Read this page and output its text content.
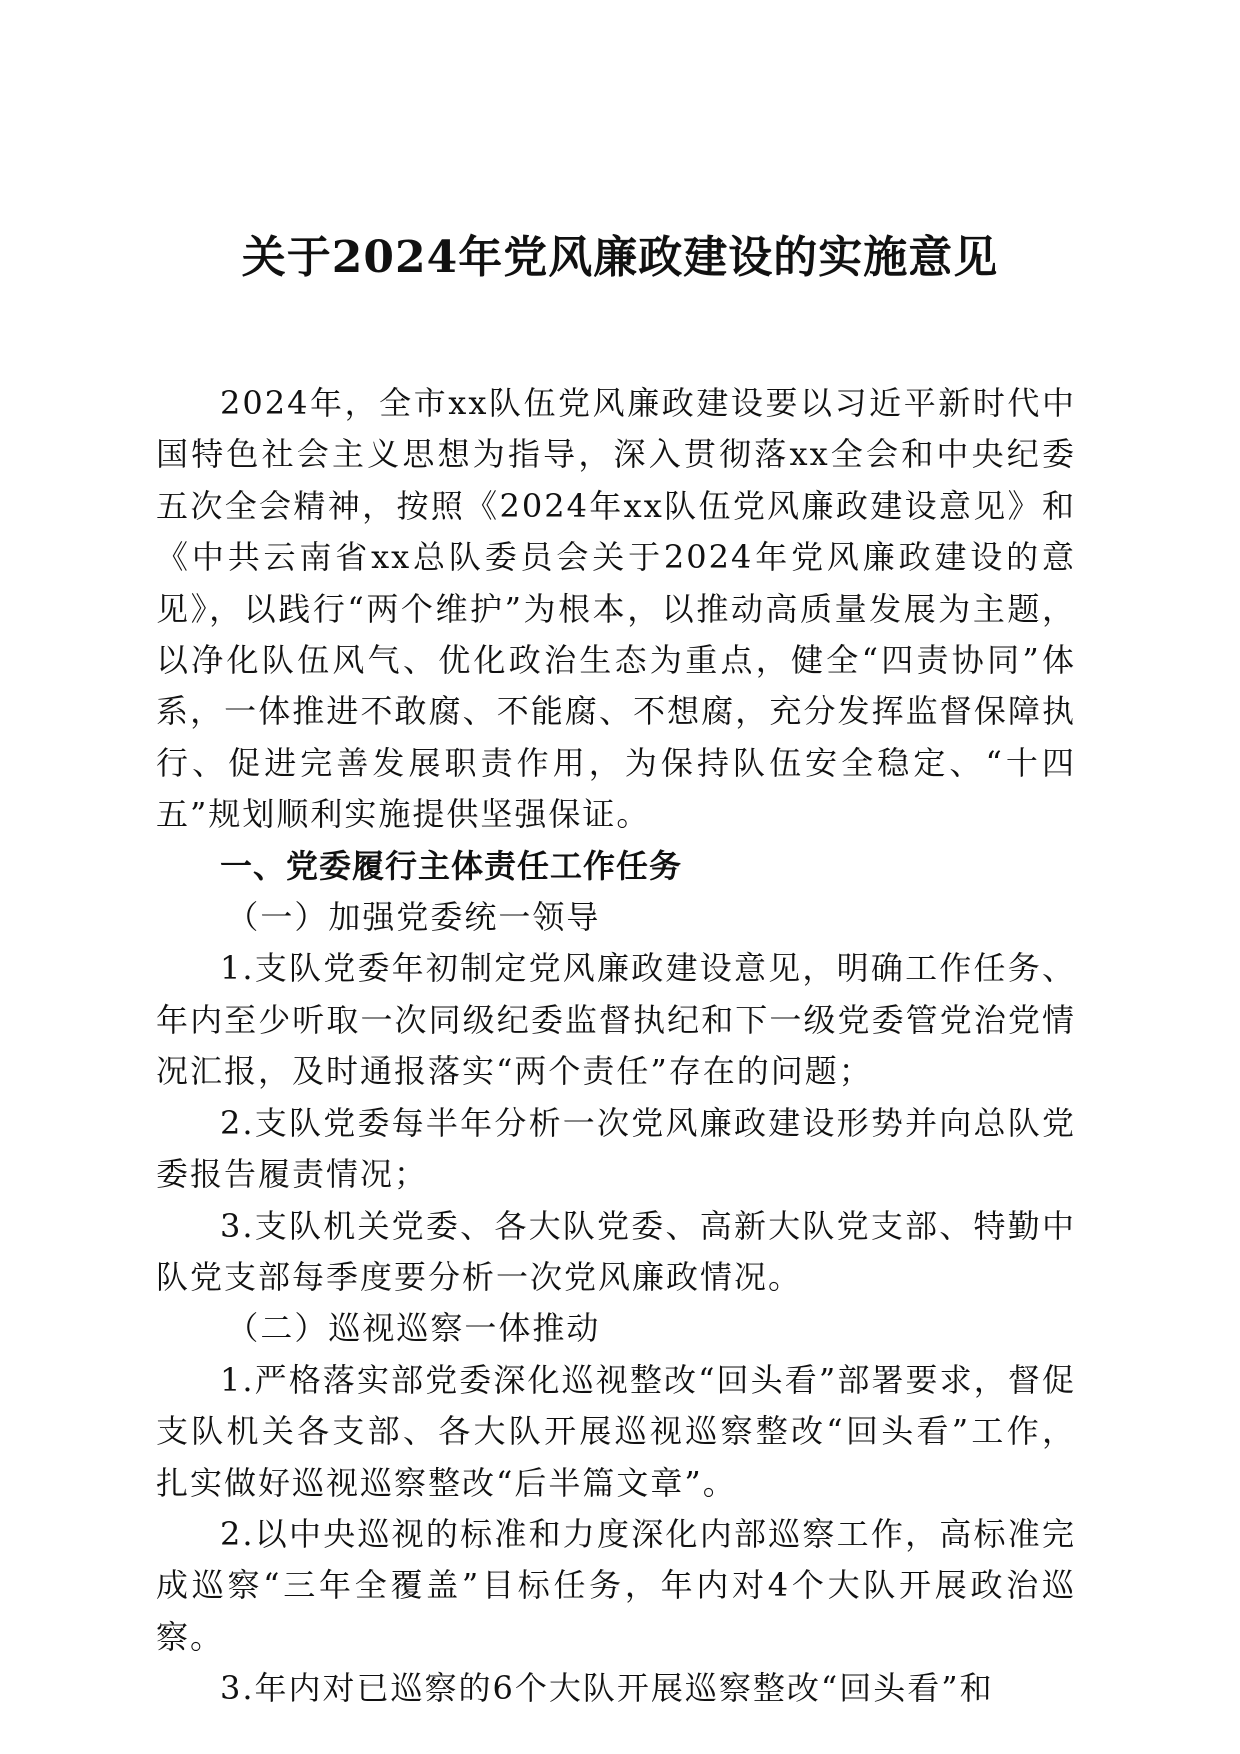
关于2024年党风廉政建设的实施意见

2024年，全市xx队伍党风廉政建设要以习近平新时代中国特色社会主义思想为指导，深入贯彻落xx全会和中央纪委五次全会精神，按照《2024年xx队伍党风廉政建设意见》和《中共云南省xx总队委员会关于2024年党风廉政建设的意见》，以践行“两个维护”为根本，以推动高质量发展为主题，以净化队伍风气、优化政治生态为重点，健全“四责协同”体系，一体推进不敢腐、不能腐、不想腐，充分发挥监督保障执行、促进完善发展职责作用，为保持队伍安全稳定、“十四五”规划顺利实施提供坚强保证。

一、党委履行主体责任工作任务

（一）加强党委统一领导

1.支队党委年初制定党风廉政建设意见，明确工作任务、年内至少听取一次同级纪委监督执纪和下一级党委管党治党情况汇报，及时通报落实“两个责任”存在的问题；

2.支队党委每半年分析一次党风廉政建设形势并向总队党委报告履责情况；

3.支队机关党委、各大队党委、高新大队党支部、特勤中队党支部每季度要分析一次党风廉政情况。

（二）巡视巡察一体推动

1.严格落实部党委深化巡视整改“回头看”部署要求，督促支队机关各支部、各大队开展巡视巡察整改“回头看”工作，扎实做好巡视巡察整改“后半篇文章”。

2.以中央巡视的标准和力度深化内部巡察工作，高标准完成巡察“三年全覆盖”目标任务，年内对4个大队开展政治巡察。

3.年内对已巡察的6个大队开展巡察整改“回头看”和
